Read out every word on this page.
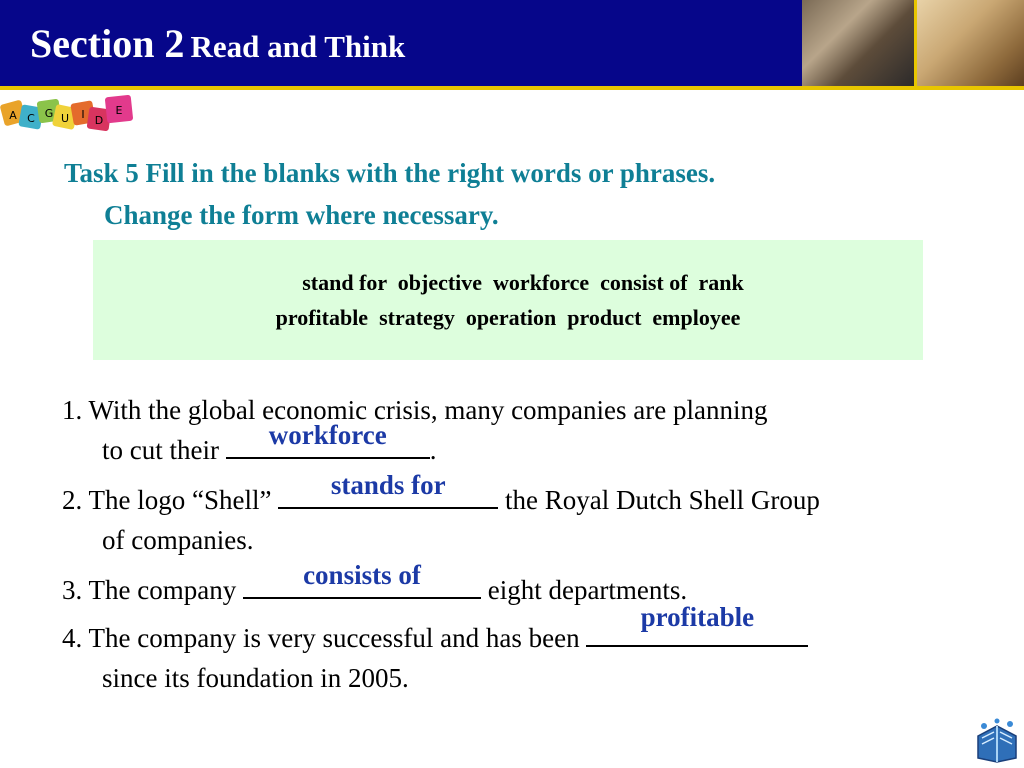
Section 2 Read and Think
A C G U I D
E
Task 5 Fill in the blanks with the right words or phrases.
Change the form where necessary.
stand for  objective  workforce  consist of  rank
profitable  strategy  operation  product  employee
1. With the global economic crisis, many companies are planning
to cut their	workforce	.
2. The logo “Shell”	stands for	the Royal Dutch Shell Group
of companies.
3. The company	consists of	eight departments.
4. The company is very successful and has been
profitable
since its foundation in 2005.
